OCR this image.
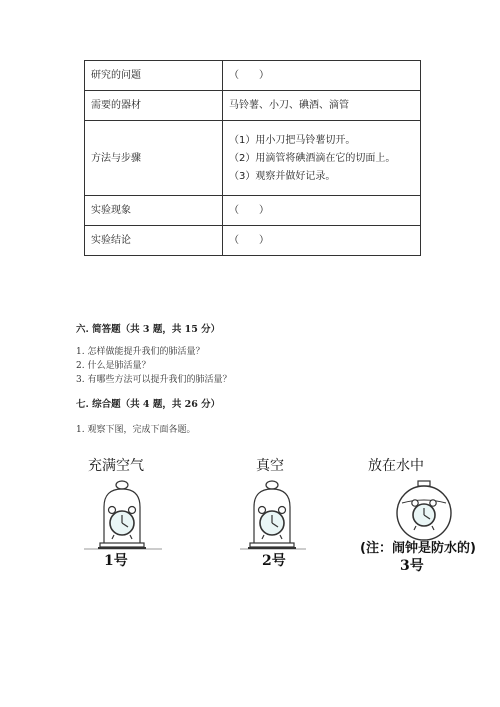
研究的问题	（　　）
需要的器材	马铃薯、小刀、碘酒、滴管
方法与步骤	（1）用小刀把马铃薯切开。
（2）用滴管将碘酒滴在它的切面上。
（3）观察并做好记录。

实验现象	（　　）
实验结论	（　　）
六. 简答题（共 3 题，共 15 分）
1. 怎样做能提升我们的肺活量？
2. 什么是肺活量？
3. 有哪些方法可以提升我们的肺活量？
七. 综合题（共 4 题，共 26 分）
1. 观察下图，完成下面各题。
充满空气
1号
真空
2号
放在水中
(注：闹钟是防水的)
3号
